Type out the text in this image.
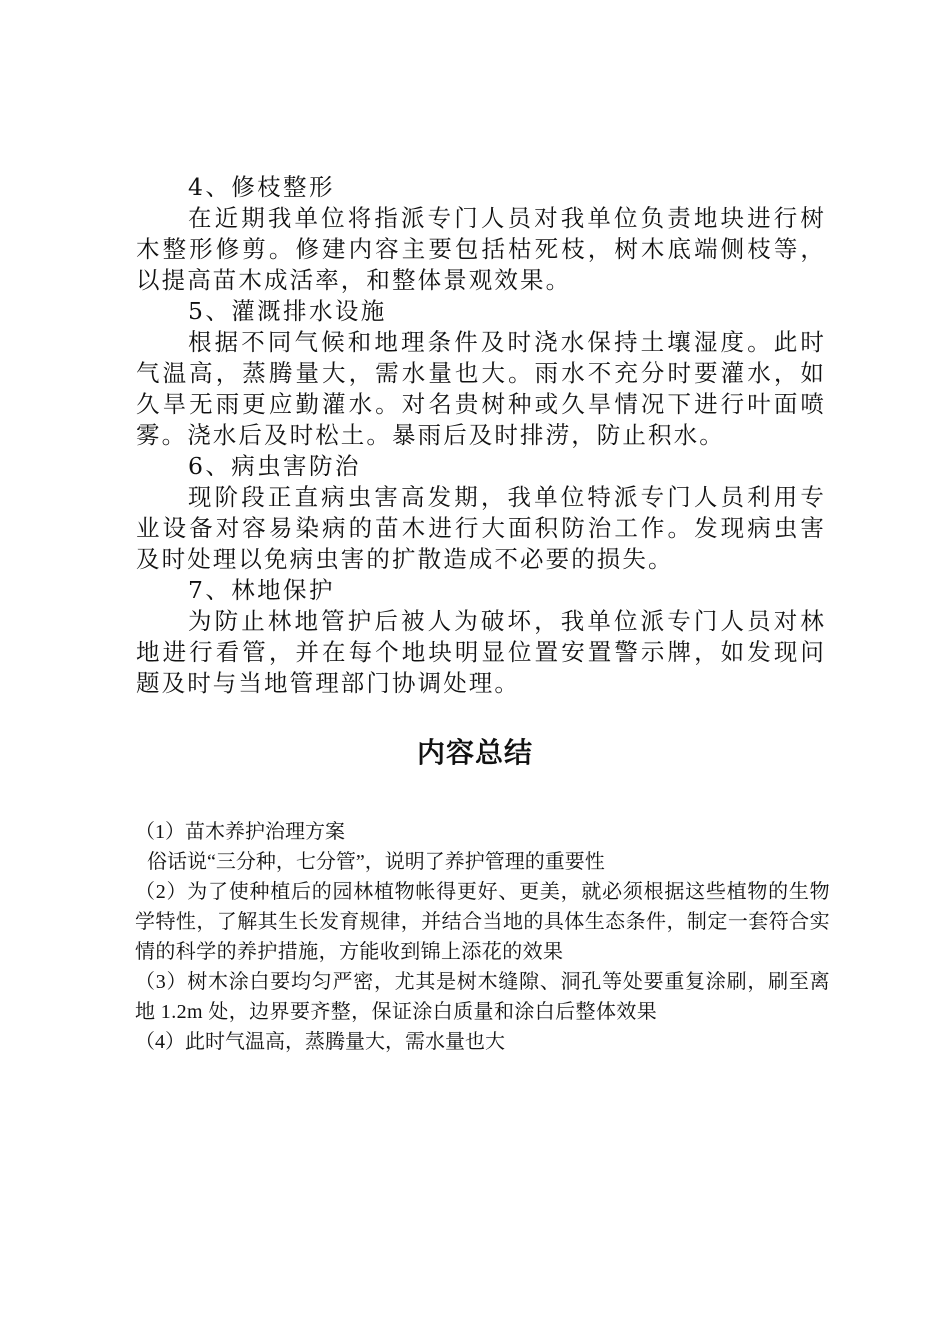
4、修枝整形

在近期我单位将指派专门人员对我单位负责地块进行树木整形修剪。修建内容主要包括枯死枝，树木底端侧枝等，以提高苗木成活率，和整体景观效果。

5、灌溉排水设施

根据不同气候和地理条件及时浇水保持土壤湿度。此时气温高，蒸腾量大，需水量也大。雨水不充分时要灌水，如久旱无雨更应勤灌水。对名贵树种或久旱情况下进行叶面喷雾。浇水后及时松土。暴雨后及时排涝，防止积水。

6、病虫害防治

现阶段正直病虫害高发期，我单位特派专门人员利用专业设备对容易染病的苗木进行大面积防治工作。发现病虫害及时处理以免病虫害的扩散造成不必要的损失。

7、林地保护

为防止林地管护后被人为破坏，我单位派专门人员对林地进行看管，并在每个地块明显位置安置警示牌，如发现问题及时与当地管理部门协调处理。

内容总结

（1）苗木养护治理方案

俗话说“三分种，七分管”，说明了养护管理的重要性

（2）为了使种植后的园林植物帐得更好、更美，就必须根据这些植物的生物学特性，了解其生长发育规律，并结合当地的具体生态条件，制定一套符合实情的科学的养护措施，方能收到锦上添花的效果

（3）树木涂白要均匀严密，尤其是树木缝隙、洞孔等处要重复涂刷，刷至离地 1.2m 处，边界要齐整，保证涂白质量和涂白后整体效果

（4）此时气温高，蒸腾量大，需水量也大
